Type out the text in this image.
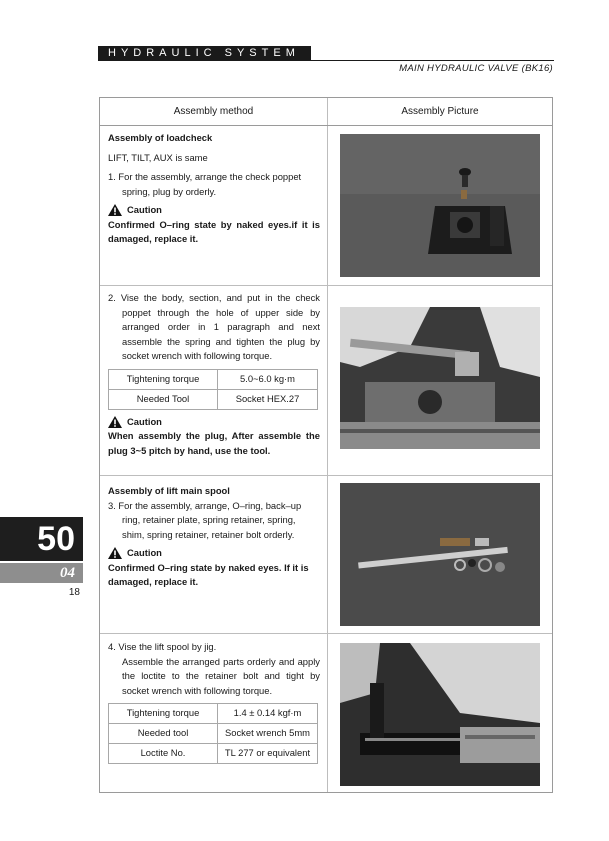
HYDRAULIC SYSTEM
MAIN HYDRAULIC VALVE (BK16)
Assembly method	Assembly Picture

Assembly of loadcheck

LIFT, TILT, AUX is same

1. For the assembly, arrange the check poppet spring, plug by orderly.

Caution

Confirmed O–ring state by naked eyes.if it is damaged, replace it.

2. Vise the body, section, and put in the check poppet through the hole of upper side by arranged order in 1 paragraph and next assemble the spring and tighten the plug by socket wrench with following torque.

Tightening torque	5.0~6.0 kg·m
Needed Tool	Socket HEX.27
Caution

When assembly the plug, After assemble the plug 3~5 pitch by hand, use the tool.

Assembly of lift main spool

3. For the assembly, arrange, O–ring, back–up ring, retainer plate, spring retainer, spring, shim, spring retainer, retainer bolt orderly.

Caution

Confirmed O–ring state by naked eyes. If it is damaged, replace it.

4. Vise the lift spool by jig.

Assemble the arranged parts orderly and apply the loctite to the retainer bolt and tight by socket wrench with following torque.

Tightening torque	1.4 ± 0.14 kgf·m
Needed tool	Socket wrench 5mm
Loctite No.	TL 277 or equivalent
50
04
18
